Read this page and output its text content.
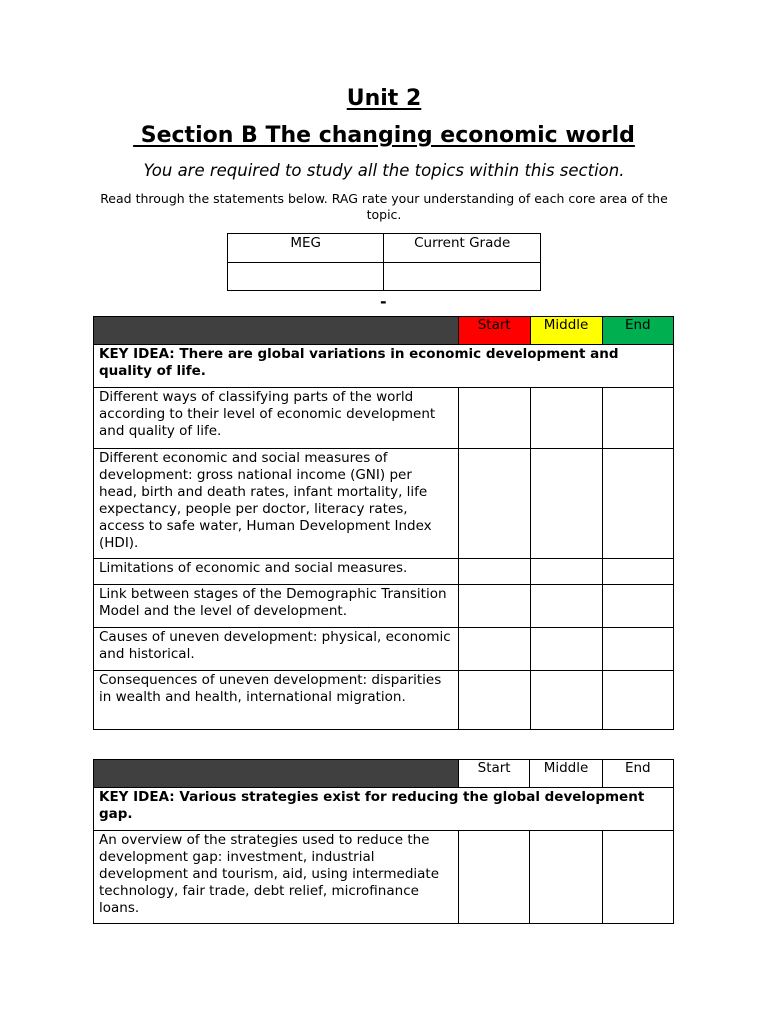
Unit 2
Section B The changing economic world
You are required to study all the topics within this section.
Read through the statements below. RAG rate your understanding of each core area of the topic.
MEG	Current Grade

-
	Start	Middle	End
KEY IDEA: There are global variations in economic development and quality of life.			
Different ways of classifying parts of the world according to their level of economic development and quality of life.			
Different economic and social measures of development: gross national income (GNI) per head, birth and death rates, infant mortality, life expectancy, people per doctor, literacy rates, access to safe water, Human Development Index (HDI).			
Limitations of economic and social measures.			
Link between stages of the Demographic Transition Model and the level of development.			
Causes of uneven development: physical, economic and historical.			
Consequences of uneven development: disparities in wealth and health, international migration.			
	Start	Middle	End
KEY IDEA: Various strategies exist for reducing the global development gap.			
An overview of the strategies used to reduce the development gap: investment, industrial development and tourism, aid, using intermediate technology, fair trade, debt relief, microfinance loans.			
